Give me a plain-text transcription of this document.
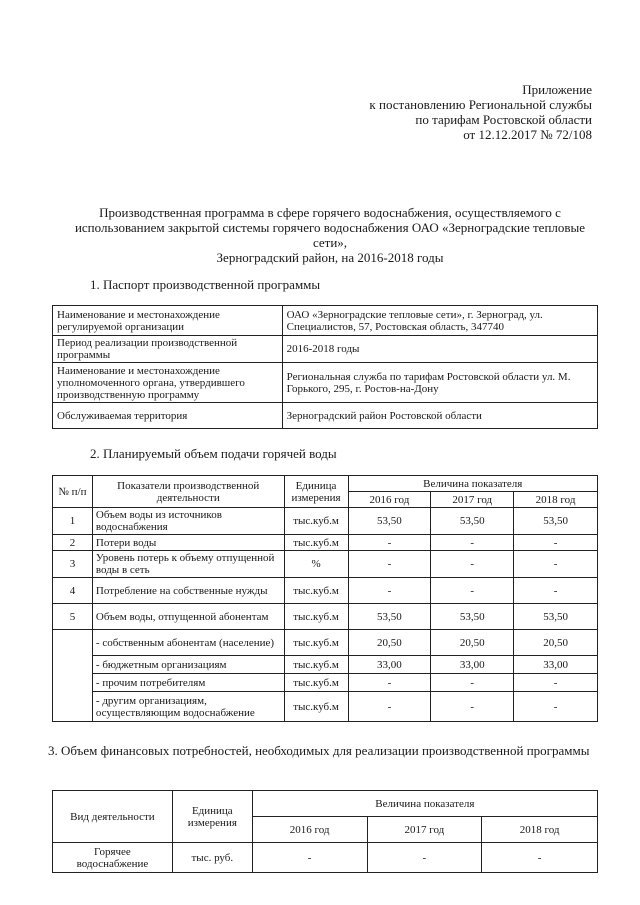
Приложение
к постановлению Региональной службы
по тарифам Ростовской области
от 12.12.2017 № 72/108
Производственная программа в сфере горячего водоснабжения, осуществляемого с
использованием закрытой системы горячего водоснабжения ОАО «Зерноградские тепловые
сети»,
Зерноградский район, на 2016-2018 годы
1. Паспорт производственной программы
Наименование и местонахождение регулируемой организации	ОАО «Зерноградские тепловые сети», г. Зерноград, ул. Специалистов, 57, Ростовская область, 347740
Период реализации производственной программы	2016-2018 годы
Наименование и местонахождение уполномоченного органа, утвердившего производственную программу	Региональная служба по тарифам Ростовской области ул. М. Горького, 295, г. Ростов-на-Дону
Обслуживаемая территория	Зерноградский район Ростовской области
2. Планируемый объем подачи горячей воды
№ п/п	Показатели производственной деятельности	Единица измерения	Величина показателя		
			2016 год	2017 год	2018 год
1	Объем воды из источников водоснабжения	тыс.куб.м	53,50	53,50	53,50
2	Потери воды	тыс.куб.м	-	-	-
3	Уровень потерь к объему отпущенной воды в сеть	%	-	-	-
4	Потребление на собственные нужды	тыс.куб.м	-	-	-
5	Объем воды, отпущенной абонентам	тыс.куб.м	53,50	53,50	53,50
	- собственным абонентам (население)	тыс.куб.м	20,50	20,50	20,50
	- бюджетным организациям	тыс.куб.м	33,00	33,00	33,00
	- прочим потребителям	тыс.куб.м	-	-	-
	- другим организациям, осуществляющим водоснабжение	тыс.куб.м	-	-	-
3. Объем финансовых потребностей, необходимых для реализации производственной программы
Вид деятельности	Единица измерения	Величина показателя		
		2016 год	2017 год	2018 год
Горячее водоснабжение	тыс. руб.	-	-	-
